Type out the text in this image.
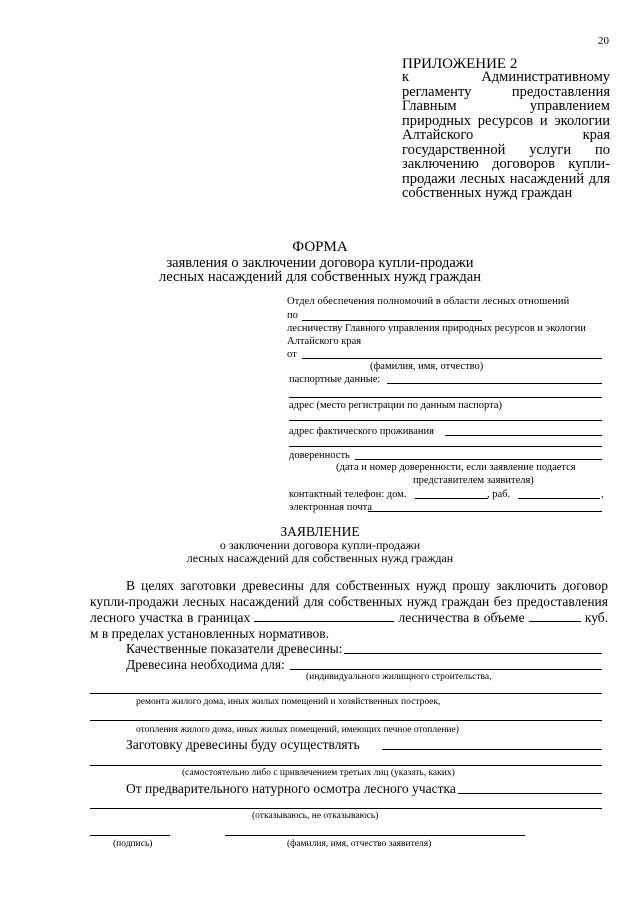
20
ПРИЛОЖЕНИЕ 2
к Административному регламенту предоставления Главным управлением природных ресурсов и экологии Алтайского края государственной услуги по заключению договоров купли-продажи лесных насаждений для собственных нужд граждан
ФОРМА
заявления о заключении договора купли-продажи
лесных насаждений для собственных нужд граждан
Отдел обеспечения полномочий в области лесных отношений
по
лесничеству Главного управления природных ресурсов и экологии
Алтайского края
от
(фамилия, имя, отчество)
паспортные данные:
адрес (место регистрации по данным паспорта)
адрес фактического проживания
доверенность
(дата и номер доверенности, если заявление подается
представителем заявителя)
контактный телефон: дом.	, раб.	,
электронная почта
ЗАЯВЛЕНИЕ
о заключении договора купли-продажи
лесных насаждений для собственных нужд граждан
В целях заготовки древесины для собственных нужд прошу заключить договор купли-продажи лесных насаждений для собственных нужд граждан без предоставления лесного участка в границах	лесничества в объеме	куб. м в пределах установленных нормативов.
Качественные показатели древесины:
Древесина необходима для:
(индивидуального жилищного строительства,
ремонта жилого дома, иных жилых помещений и хозяйственных построек,
отопления жилого дома, иных жилых помещений, имеющих печное отопление)
Заготовку древесины буду осуществлять
(самостоятельно либо с привлечением третьих лиц (указать, каких)
От предварительного натурного осмотра лесного участка
(отказываюсь, не отказываюсь)
(подпись)	(фамилия, имя, отчество заявителя)
